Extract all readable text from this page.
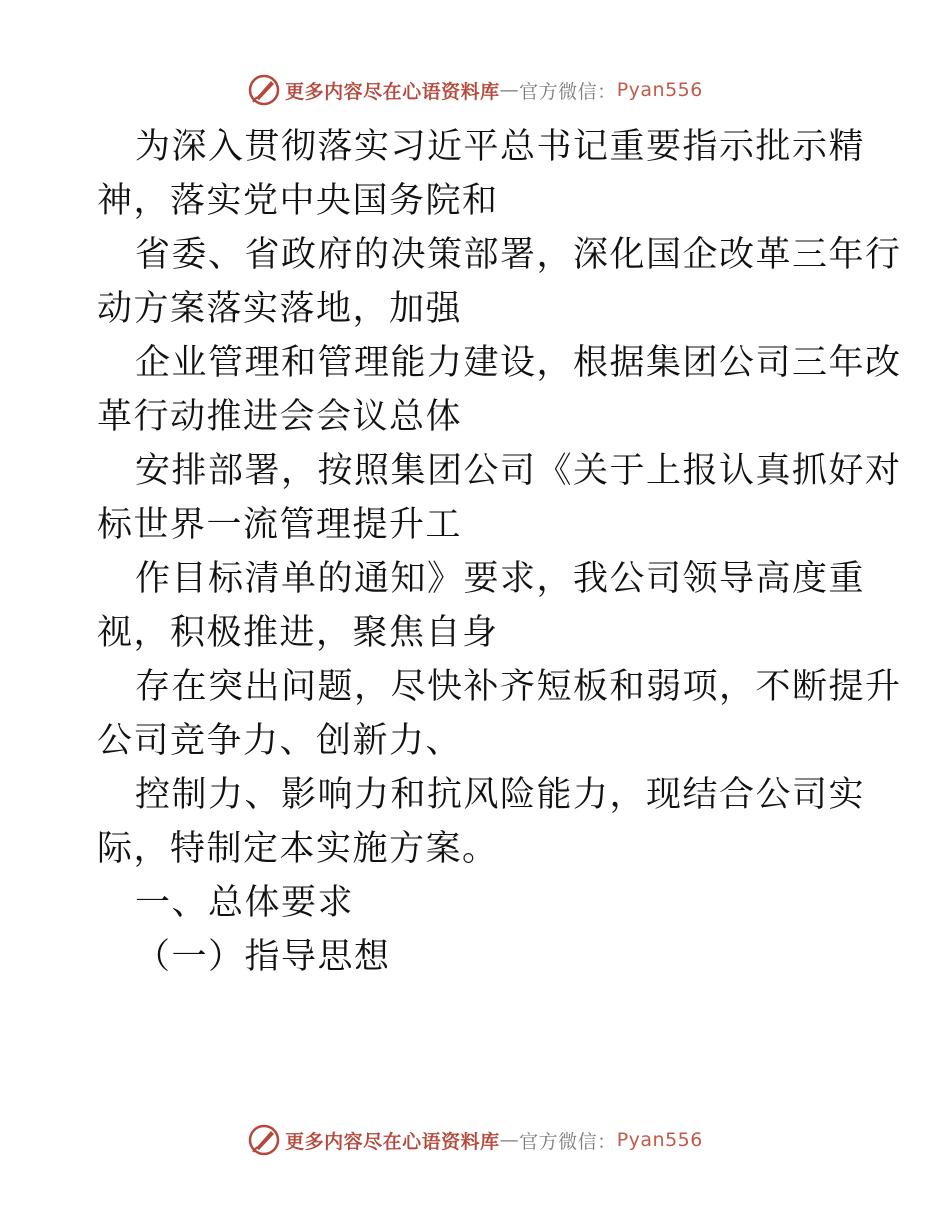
更多内容尽在心语资料库 — 官方微信： Pyan556
为深入贯彻落实习近平总书记重要指示批示精
神，落实党中央国务院和
省委、省政府的决策部署，深化国企改革三年行
动方案落实落地，加强
企业管理和管理能力建设，根据集团公司三年改
革行动推进会会议总体
安排部署，按照集团公司《关于上报认真抓好对
标世界一流管理提升工
作目标清单的通知》要求，我公司领导高度重
视，积极推进，聚焦自身
存在突出问题，尽快补齐短板和弱项，不断提升
公司竞争力、创新力、
控制力、影响力和抗风险能力，现结合公司实
际，特制定本实施方案。
一、总体要求
（一）指导思想
更多内容尽在心语资料库 — 官方微信： Pyan556
